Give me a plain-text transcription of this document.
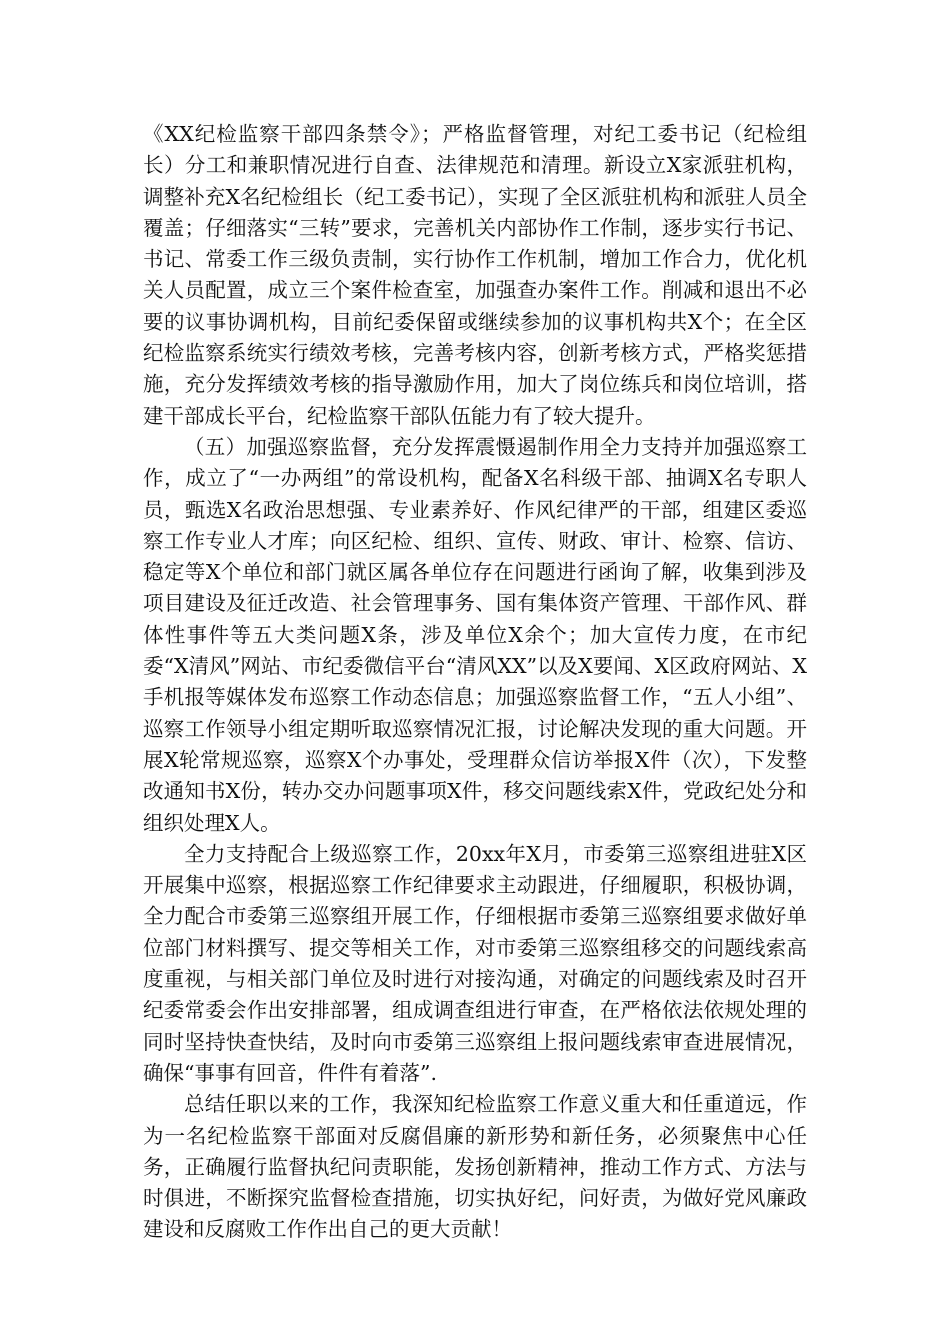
《XX纪检监察干部四条禁令》；严格监督管理，对纪工委书记（纪检组长）分工和兼职情况进行自查、法律规范和清理。新设立X家派驻机构，调整补充X名纪检组长（纪工委书记），实现了全区派驻机构和派驻人员全覆盖；仔细落实“三转”要求，完善机关内部协作工作制，逐步实行书记、书记、常委工作三级负责制，实行协作工作机制，增加工作合力，优化机关人员配置，成立三个案件检查室，加强查办案件工作。削减和退出不必要的议事协调机构，目前纪委保留或继续参加的议事机构共X个；在全区纪检监察系统实行绩效考核，完善考核内容，创新考核方式，严格奖惩措施，充分发挥绩效考核的指导激励作用，加大了岗位练兵和岗位培训，搭建干部成长平台，纪检监察干部队伍能力有了较大提升。

（五）加强巡察监督，充分发挥震慑遏制作用全力支持并加强巡察工作，成立了“一办两组”的常设机构，配备X名科级干部、抽调X名专职人员，甄选X名政治思想强、专业素养好、作风纪律严的干部，组建区委巡察工作专业人才库；向区纪检、组织、宣传、财政、审计、检察、信访、稳定等X个单位和部门就区属各单位存在问题进行函询了解，收集到涉及项目建设及征迁改造、社会管理事务、国有集体资产管理、干部作风、群体性事件等五大类问题X条，涉及单位X余个；加大宣传力度，在市纪委“X清风”网站、市纪委微信平台“清风XX”以及X要闻、X区政府网站、X手机报等媒体发布巡察工作动态信息；加强巡察监督工作，“五人小组”、巡察工作领导小组定期听取巡察情况汇报，讨论解决发现的重大问题。开展X轮常规巡察，巡察X个办事处，受理群众信访举报X件（次），下发整改通知书X份，转办交办问题事项X件，移交问题线索X件，党政纪处分和组织处理X人。

全力支持配合上级巡察工作，20xx年X月，市委第三巡察组进驻X区开展集中巡察，根据巡察工作纪律要求主动跟进，仔细履职，积极协调，全力配合市委第三巡察组开展工作，仔细根据市委第三巡察组要求做好单位部门材料撰写、提交等相关工作，对市委第三巡察组移交的问题线索高度重视，与相关部门单位及时进行对接沟通，对确定的问题线索及时召开纪委常委会作出安排部署，组成调查组进行审查，在严格依法依规处理的同时坚持快查快结，及时向市委第三巡察组上报问题线索审查进展情况，确保“事事有回音，件件有着落”.

总结任职以来的工作，我深知纪检监察工作意义重大和任重道远，作为一名纪检监察干部面对反腐倡廉的新形势和新任务，必须聚焦中心任务，正确履行监督执纪问责职能，发扬创新精神，推动工作方式、方法与时俱进，不断探究监督检查措施，切实执好纪，问好责，为做好党风廉政建设和反腐败工作作出自己的更大贡献！
